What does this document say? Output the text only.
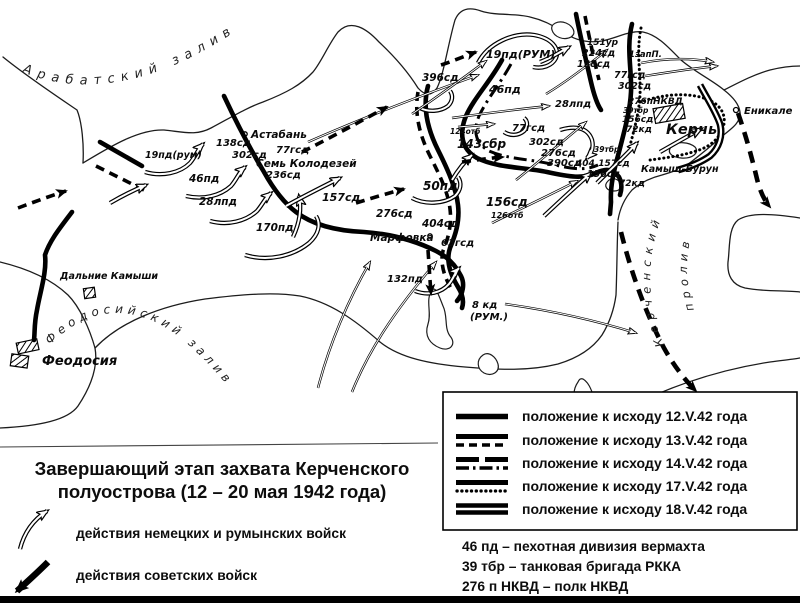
19пд(рум)
138сд
302сд 77гсд
236сд
46пд
28лпд
170пд
157сд
276сд
404сд
63гсд
132пд
8 кд
(РУМ.)
50пд
396сд
46пд
19пд(РУМ)
28лпд
124отб
143сбр
77гсд
302сд
276сд
390сд
404,157сд
156сд
72кд
39тбр
156сд
126отб
151ур
224сд
138сд
1запП.
77гсд
302сд
276пНКВД
39тбр
156сд
72кд
Астабань
Семь Колодезей
Марфовка
Дальние Камыши
Феодосия
Керчь
Камыш-Бурун
Еникале
Арабатский залив
Феодосийский залив
Керченский
пролив
положение к исходу 12.V.42 года
положение к исходу 13.V.42 года
положение к исходу 14.V.42 года
положение к исходу 17.V.42 года
положение к исходу 18.V.42 года
Завершающий этап захвата Керченского
полуострова (12 – 20 мая 1942 года)
действия немецких и румынских войск
действия советских войск
46 пд – пехотная дивизия вермахта
39 тбр – танковая бригада РККА
276 п НКВД – полк НКВД
